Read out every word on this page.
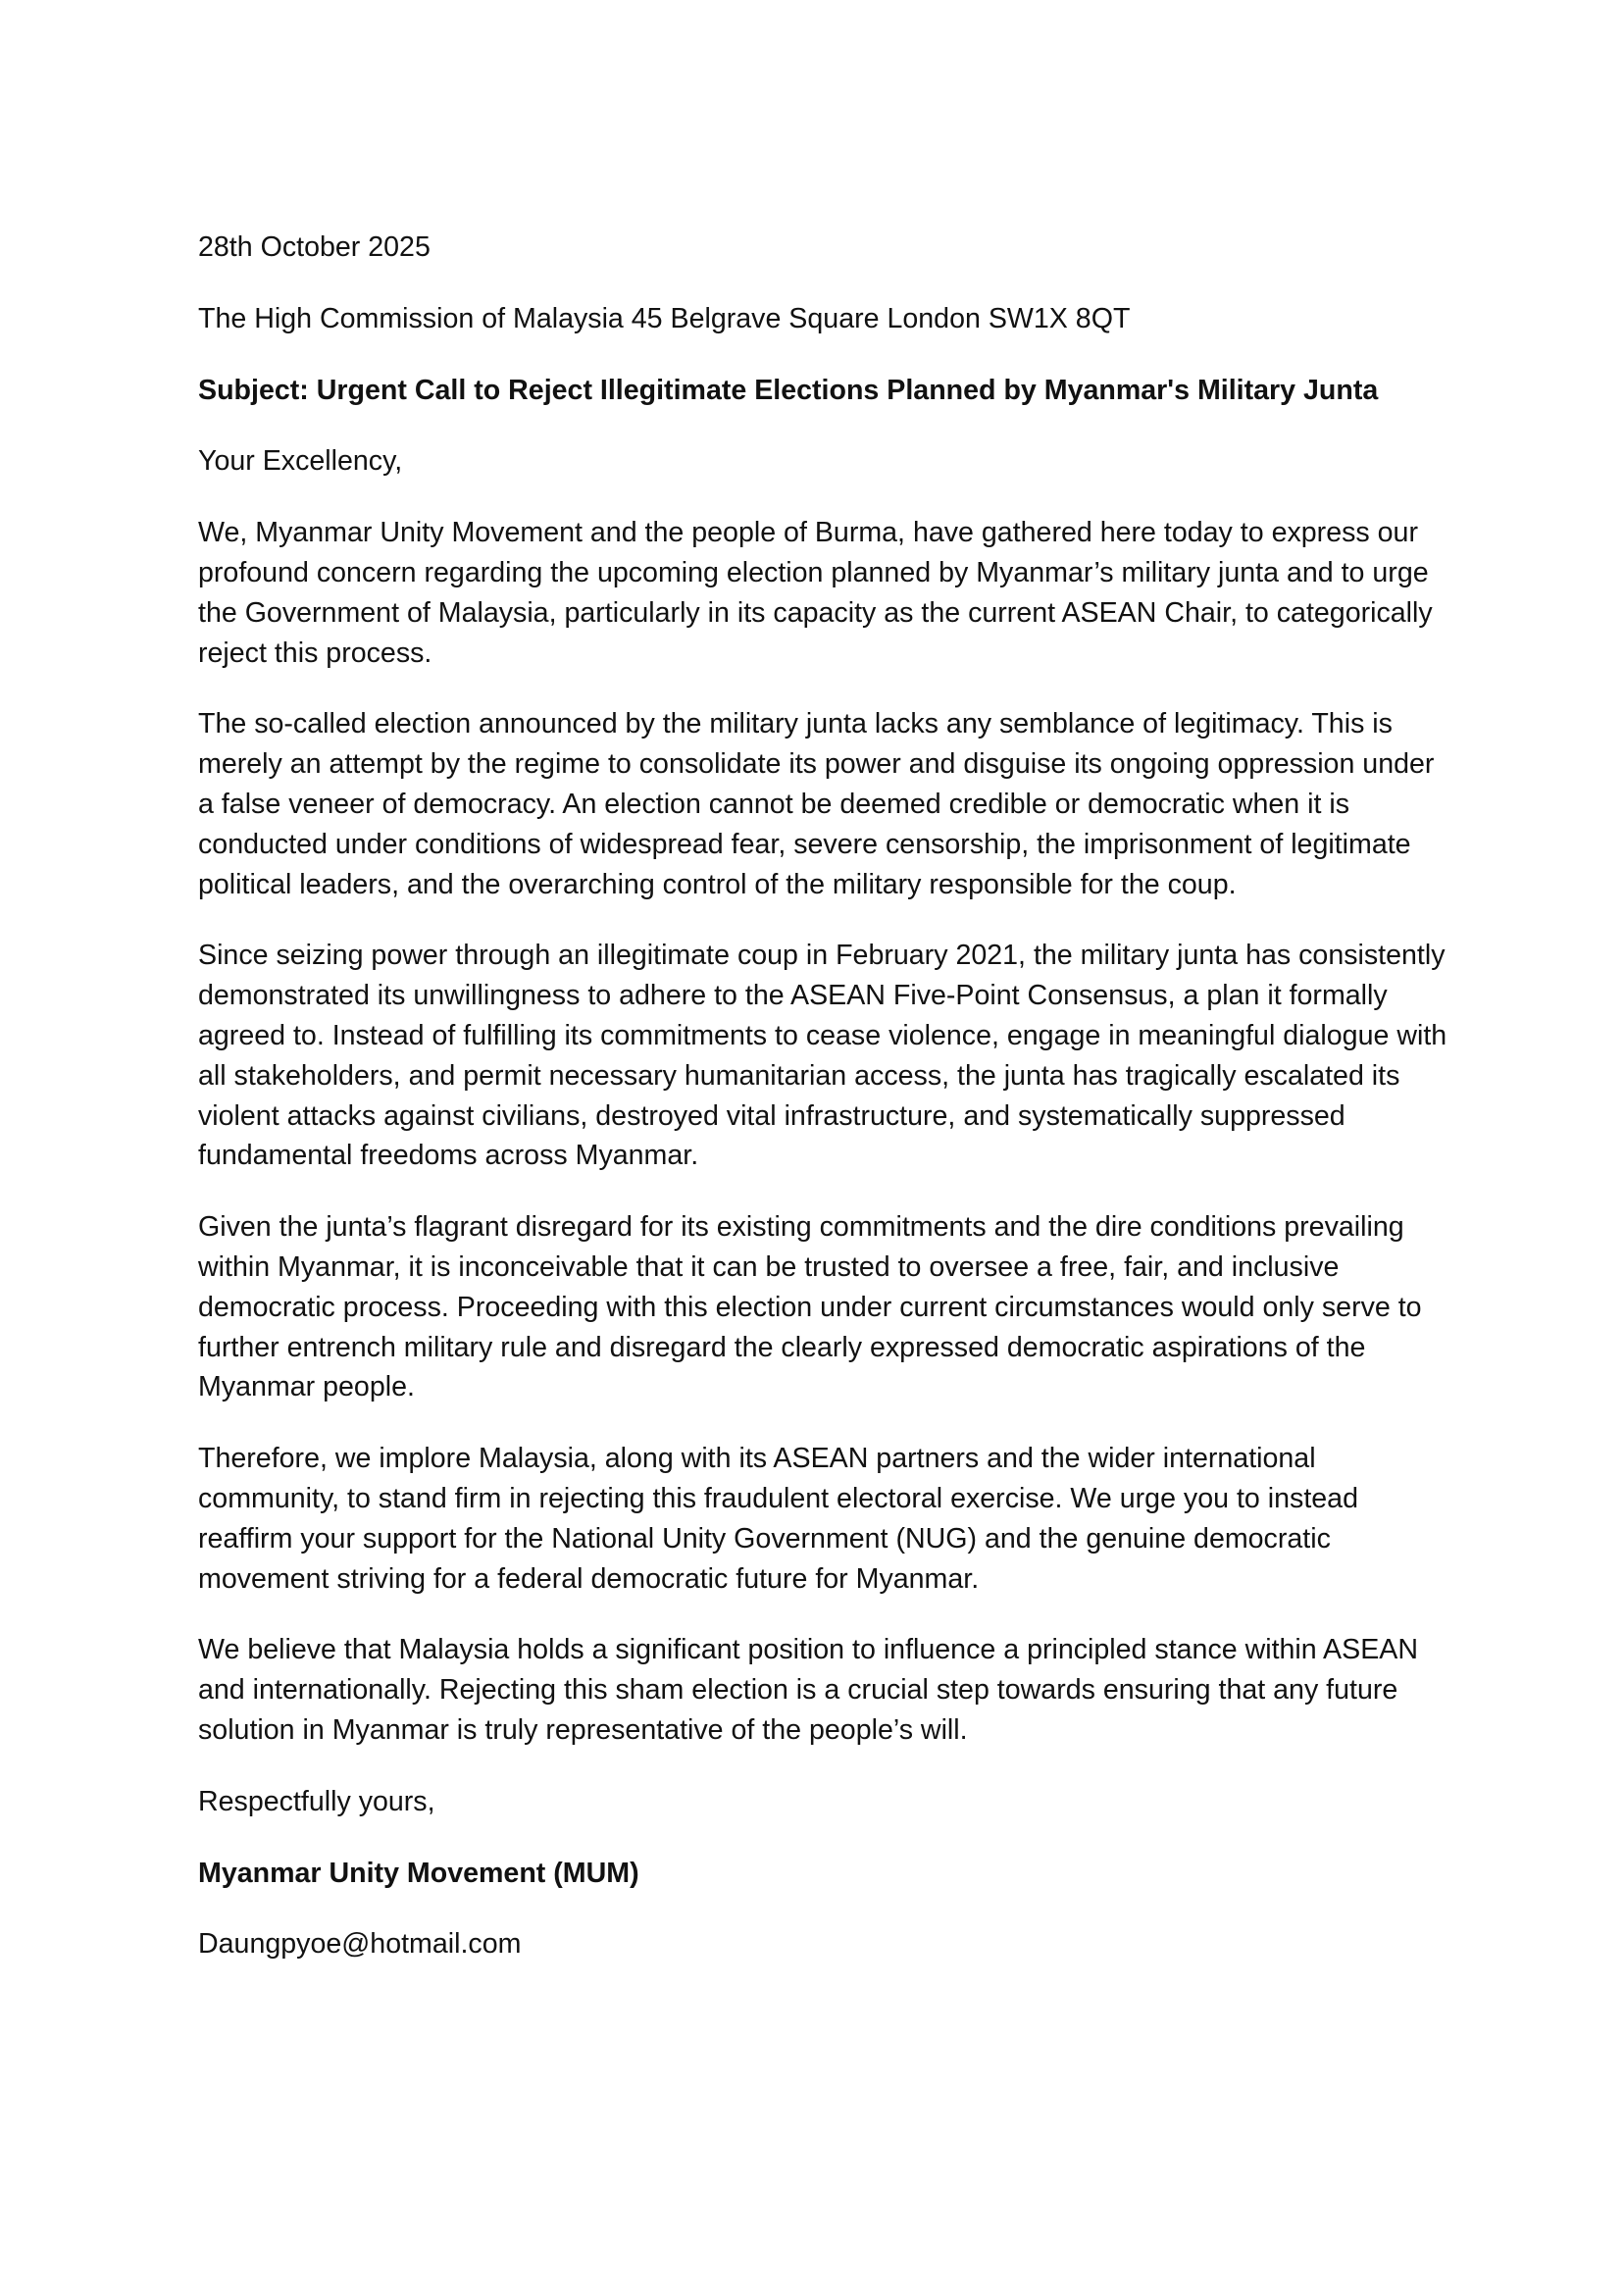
28th October 2025

The High Commission of Malaysia 45 Belgrave Square London SW1X 8QT

Subject: Urgent Call to Reject Illegitimate Elections Planned by Myanmar's Military Junta

Your Excellency,

We, Myanmar Unity Movement and the people of Burma, have gathered here today to express our profound concern regarding the upcoming election planned by Myanmar’s military junta and to urge the Government of Malaysia, particularly in its capacity as the current ASEAN Chair, to categorically reject this process.

The so-called election announced by the military junta lacks any semblance of legitimacy. This is merely an attempt by the regime to consolidate its power and disguise its ongoing oppression under a false veneer of democracy. An election cannot be deemed credible or democratic when it is conducted under conditions of widespread fear, severe censorship, the imprisonment of legitimate political leaders, and the overarching control of the military responsible for the coup.

Since seizing power through an illegitimate coup in February 2021, the military junta has consistently demonstrated its unwillingness to adhere to the ASEAN Five-Point Consensus, a plan it formally agreed to. Instead of fulfilling its commitments to cease violence, engage in meaningful dialogue with all stakeholders, and permit necessary humanitarian access, the junta has tragically escalated its violent attacks against civilians, destroyed vital infrastructure, and systematically suppressed fundamental freedoms across Myanmar.

Given the junta’s flagrant disregard for its existing commitments and the dire conditions prevailing within Myanmar, it is inconceivable that it can be trusted to oversee a free, fair, and inclusive democratic process. Proceeding with this election under current circumstances would only serve to further entrench military rule and disregard the clearly expressed democratic aspirations of the Myanmar people.

Therefore, we implore Malaysia, along with its ASEAN partners and the wider international community, to stand firm in rejecting this fraudulent electoral exercise. We urge you to instead reaffirm your support for the National Unity Government (NUG) and the genuine democratic movement striving for a federal democratic future for Myanmar.

We believe that Malaysia holds a significant position to influence a principled stance within ASEAN and internationally. Rejecting this sham election is a crucial step towards ensuring that any future solution in Myanmar is truly representative of the people’s will.

Respectfully yours,

Myanmar Unity Movement (MUM)

Daungpyoe@hotmail.com
